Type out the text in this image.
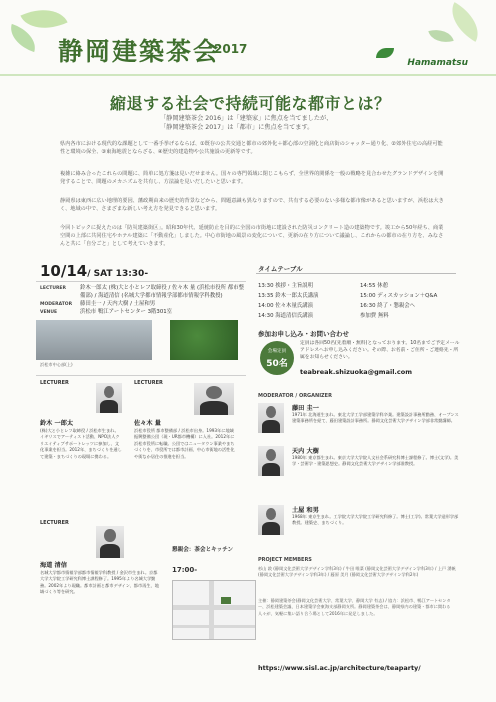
静岡建築茶会
2017
Hamamatsu
縮退する社会で持続可能な都市とは？
「静岡建築茶会 2016」は「建築家」に焦点を当てましたが、
「静岡建築茶会 2017」は「都市」に焦点を当てます。
県内各市における現代的な課題として一番手挙げるならば、①既存の公共交通と都市の郊外化＋都心部の空洞化と商店街のシャッター通り化、②郊外住宅の高経可能性と環境の保全、③東海地震とならざる、④歴史的建造物や公共施設の更新等です。
複雑に絡み合ったこれらの問題に、简单に処方箋は見いだせません。国々の専門領域に閉じこもらず、全世界的関係を一般の戦略を見合わせたグランドデザインを開発することで、問題のメカニズムを共有し、方法論を見いだしたいと思います。
静岡県は東西に広い地理的要因、藩政期由来の歴史的背景などから、問題意識も異なりますので、共有する必要のない多様な都市像があると思いますが、浜松は大きく、地域の中で、さまざまな新しい考え方を発見できると思います。
今回トピックに捉えたのは「防災建築街区」。昭和30年代、延焼防止を目的に全国の市街地に建設された防災コンクリート造の建築物です。竣工から50年経ち、商業空間の上部に共同住宅やホテル建築に「不動産化」しました。中心市街地の風景の変化について、更新の在り方について議論し、これからの都市の在り方を、みなさんと共に「自分ごと」として考えていきます。
10/14/ SAT 13:30-
LECTURER	鈴木一郎太 (株)大と小とレフ取締役 / 佐々木 量 (浜松市役所 都市整備部) / 海道清信 (名城大学都市情報学部都市情報学科教授)
MODERATOR 藤田圭一 / 天内大樹 / 土屋和男
VENUE	浜松市 鴨江アートセンター 3階301室
浜松市中心部(上)
タイムテーブル
13:30 挨拶・主旨説明
13:35 鈴木一郎太氏講演
14:00 佐々木量氏講演
14:30 海道清信氏講演
14:55 休憩
15:00 ディスカッション＋Q&A
16:30 終了・懇親会へ
参加費 無料
参加お申し込み・お問い合わせ
会場定員
50名
定員は各回50名(先着順・無料)となっております。10名までご予定メールアドレスへお申し込みください。その際、お名前・ご住所・ご連絡先・所属をお知らせください。
teabreak.shizuoka@gmail.com
LECTURER
鈴木 一郎太
(株)大と小とレフ取締役 / 浜松市生まれ。イギリスでアーティスト活動、NPO法人クリエイティブサポートレッツに参加し、文化事業を担当。2012年、まちづくりを通して建築・まちづくりの現場に携わる。
LECTURER
佐々木 量
浜松市役所 都市整備部 / 浜松市出身。1993年に地域振興整備公団（現・UR都市機構）に入社。2012年に浜松市役所に転職。公団ではニュータウン事業やまちづくりを、市役所では都市計画、中心市街地の活性化や街なか居住の推進を担当。
LECTURER
海道 清信
名城大学都市情報学部都市情報学科教授 / 金沢市生まれ。京都大学大学院工学研究科博士課程修了。1995年より名城大学勤務。2002年より現職。都市計画と都市デザイン、都市再生、地域づくり等を研究。
懇親会：茶会とキッチン
17:00-
MODERATOR / ORGANIZER
藤田 圭一
1971年 北海道生まれ。東北大学工学部建築学科卒業。建築設計事務所勤務、オープンス建築事務所を経て、藤田建築設計事務所。静岡文化芸術大学デザイン学部非常勤講師。
天内 大樹
1980年 東京都生まれ。東京大学大学院人文社会系研究科博士課程修了。博士(文学)。美学・芸術学・建築思想史。静岡文化芸術大学デザイン学部准教授。
土屋 和男
1968年 東京生まれ。工学院大学大学院工学研究科修了。博士(工学)。常葉大学造形学部教授。建築史、まちづくり。
PROJECT MEMBERS
杉山 敦 (静岡文化芸術大学デザイン学科3年) / 牛田 唯菜 (静岡文化芸術大学デザイン学科3年) / 上戸 湧帆 (静岡文化芸術大学デザイン学科3年) / 藤原 美月 (静岡文化芸術大学デザイン学科2年)
主催：静岡建築茶会(静岡文化芸術大学、常葉大学、静岡大学 有志) / 協力：浜松市、鴨江アートセンター、浜松建築会議、日本建築学会東海支部静岡支所。静岡建築茶会は、静岡県内の建築・都市に関わる人々が、気軽に集い語り合う場として2016年に発足しました。
https://www.sisl.ac.jp/architecture/teaparty/
